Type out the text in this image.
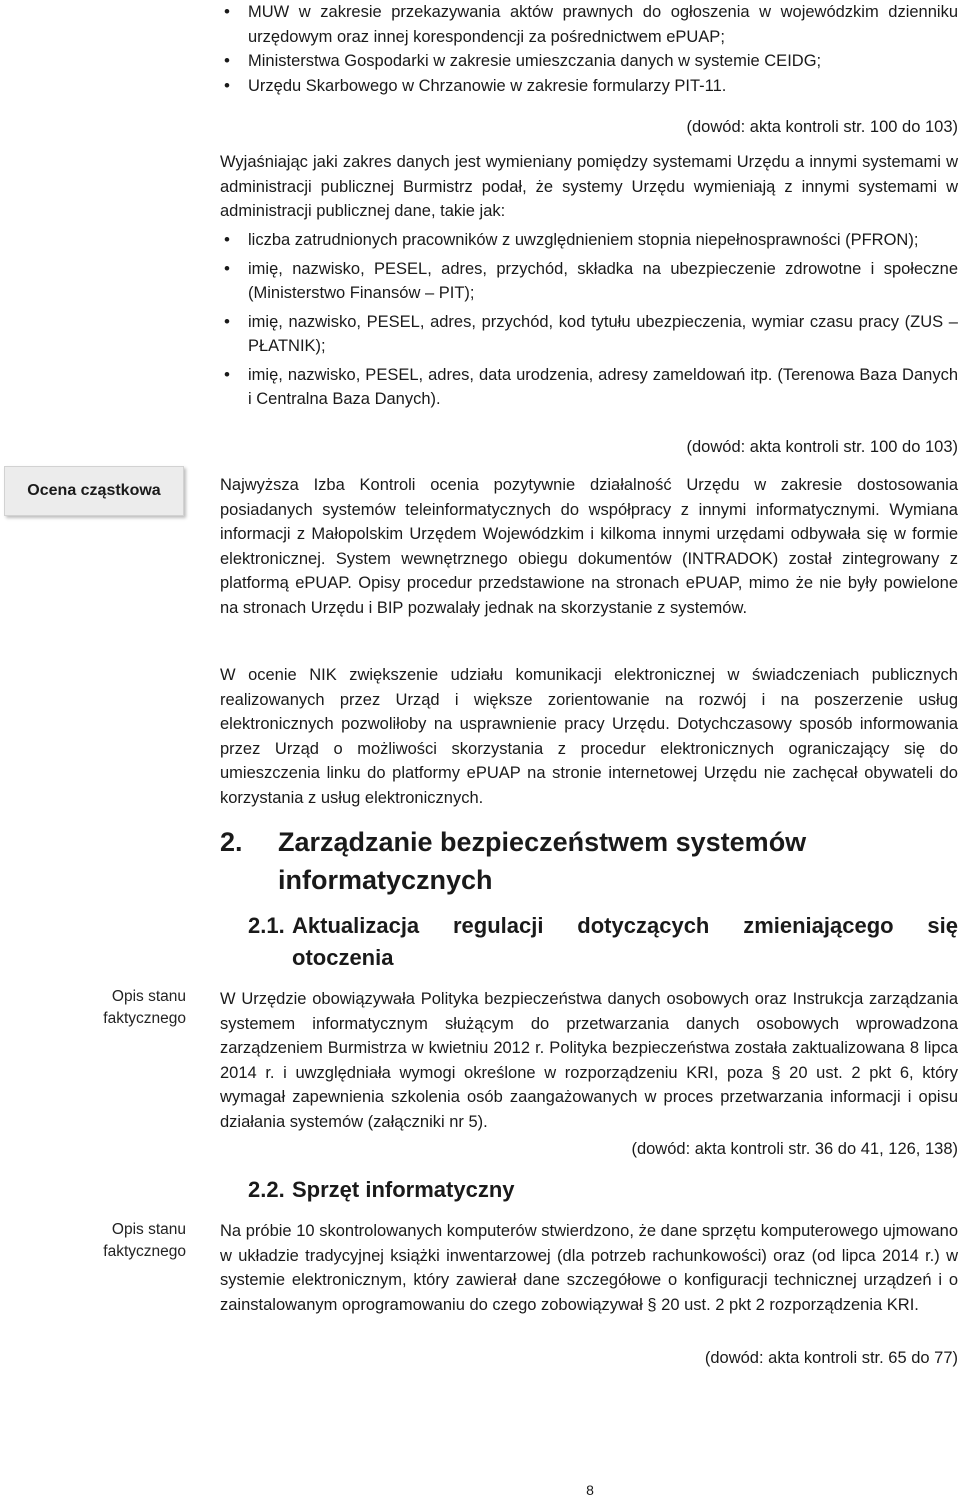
• MUW w zakresie przekazywania aktów prawnych do ogłoszenia w wojewódzkim dzienniku urzędowym oraz innej korespondencji za pośrednictwem ePUAP;
• Ministerstwa Gospodarki w zakresie umieszczania danych w systemie CEIDG;
• Urzędu Skarbowego w Chrzanowie w zakresie formularzy PIT-11.
(dowód: akta kontroli str. 100 do 103)

Wyjaśniając jaki zakres danych jest wymieniany pomiędzy systemami Urzędu a innymi systemami w administracji publicznej Burmistrz podał, że systemy Urzędu wymieniają z innymi systemami w administracji publicznej dane, takie jak:

• liczba zatrudnionych pracowników z uwzględnieniem stopnia niepełnosprawności (PFRON);
• imię, nazwisko, PESEL, adres, przychód, składka na ubezpieczenie zdrowotne i społeczne (Ministerstwo Finansów – PIT);
• imię, nazwisko, PESEL, adres, przychód, kod tytułu ubezpieczenia, wymiar czasu pracy (ZUS – PŁATNIK);
• imię, nazwisko, PESEL, adres, data urodzenia, adresy zameldowań itp. (Terenowa Baza Danych i Centralna Baza Danych).
(dowód: akta kontroli str. 100 do 103)
Ocena cząstkowa
Opis stanu
faktycznego
Opis stanu
faktycznego

Najwyższa Izba Kontroli ocenia pozytywnie działalność Urzędu w zakresie dostosowania posiadanych systemów teleinformatycznych do współpracy z innymi informatycznymi. Wymiana informacji z Małopolskim Urzędem Wojewódzkim i kilkoma innymi urzędami odbywała się w formie elektronicznej. System wewnętrznego obiegu dokumentów (INTRADOK) został zintegrowany z platformą ePUAP. Opisy procedur przedstawione na stronach ePUAP, mimo że nie były powielone na stronach Urzędu i BIP pozwalały jednak na skorzystanie z systemów.

W ocenie NIK zwiększenie udziału komunikacji elektronicznej w świadczeniach publicznych realizowanych przez Urząd i większe zorientowanie na rozwój i na poszerzenie usług elektronicznych pozwoliłoby na usprawnienie pracy Urzędu. Dotychczasowy sposób informowania przez Urząd o możliwości skorzystania z procedur elektronicznych ograniczający się do umieszczenia linku do platformy ePUAP na stronie internetowej Urzędu nie zachęcał obywateli do korzystania z usług elektronicznych.

2.	Zarządzanie bezpieczeństwem systemów
informatycznych
2.1. Aktualizacja regulacji dotyczących zmieniającego się
otoczenia

W Urzędzie obowiązywała Polityka bezpieczeństwa danych osobowych oraz Instrukcja zarządzania systemem informatycznym służącym do przetwarzania danych osobowych wprowadzona zarządzeniem Burmistrza w kwietniu 2012 r. Polityka bezpieczeństwa została zaktualizowana 8 lipca 2014 r. i uwzględniała wymogi określone w rozporządzeniu KRI, poza § 20 ust. 2 pkt 6, który wymagał zapewnienia szkolenia osób zaangażowanych w proces przetwarzania informacji i opisu działania systemów (załączniki nr 5).

(dowód: akta kontroli str. 36 do 41, 126, 138)
2.2. Sprzęt informatyczny

Na próbie 10 skontrolowanych komputerów stwierdzono, że dane sprzętu komputerowego ujmowano w układzie tradycyjnej książki inwentarzowej (dla potrzeb rachunkowości) oraz (od lipca 2014 r.) w systemie elektronicznym, który zawierał dane szczegółowe o konfiguracji technicznej urządzeń i o zainstalowanym oprogramowaniu do czego zobowiązywał § 20 ust. 2 pkt 2 rozporządzenia KRI.

(dowód: akta kontroli str. 65 do 77)
8
